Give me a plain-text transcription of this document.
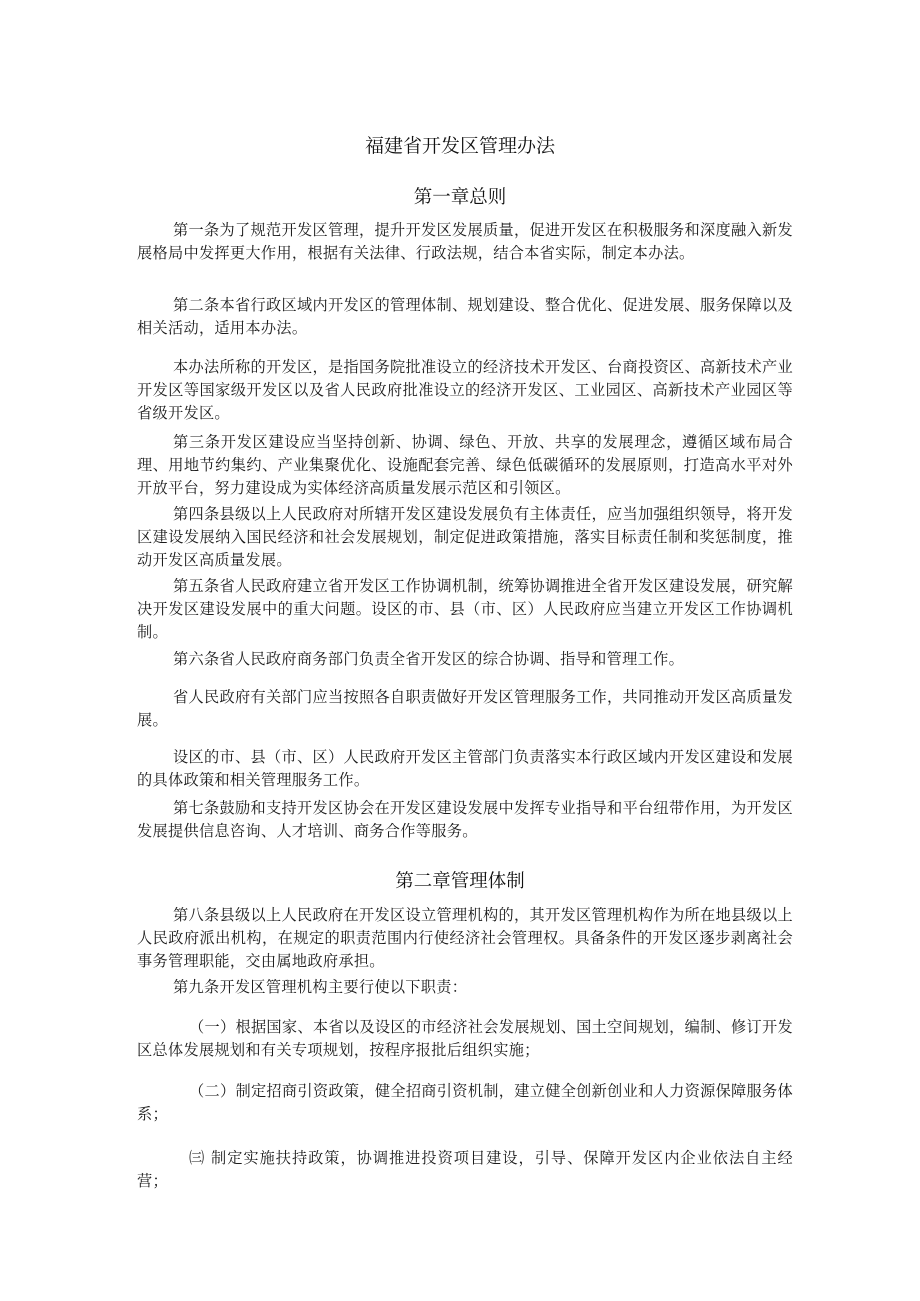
福建省开发区管理办法
第一章总则

第一条为了规范开发区管理，提升开发区发展质量，促进开发区在积极服务和深度融入新发展格局中发挥更大作用，根据有关法律、行政法规，结合本省实际，制定本办法。

第二条本省行政区域内开发区的管理体制、规划建设、整合优化、促进发展、服务保障以及相关活动，适用本办法。

本办法所称的开发区，是指国务院批准设立的经济技术开发区、台商投资区、高新技术产业开发区等国家级开发区以及省人民政府批准设立的经济开发区、工业园区、高新技术产业园区等省级开发区。

第三条开发区建设应当坚持创新、协调、绿色、开放、共享的发展理念，遵循区域布局合理、用地节约集约、产业集聚优化、设施配套完善、绿色低碳循环的发展原则，打造高水平对外开放平台，努力建设成为实体经济高质量发展示范区和引领区。

第四条县级以上人民政府对所辖开发区建设发展负有主体责任，应当加强组织领导，将开发区建设发展纳入国民经济和社会发展规划，制定促进政策措施，落实目标责任制和奖惩制度，推动开发区高质量发展。

第五条省人民政府建立省开发区工作协调机制，统筹协调推进全省开发区建设发展，研究解决开发区建设发展中的重大问题。设区的市、县（市、区）人民政府应当建立开发区工作协调机制。

第六条省人民政府商务部门负责全省开发区的综合协调、指导和管理工作。

省人民政府有关部门应当按照各自职责做好开发区管理服务工作，共同推动开发区高质量发展。

设区的市、县（市、区）人民政府开发区主管部门负责落实本行政区域内开发区建设和发展的具体政策和相关管理服务工作。

第七条鼓励和支持开发区协会在开发区建设发展中发挥专业指导和平台纽带作用，为开发区发展提供信息咨询、人才培训、商务合作等服务。

第二章管理体制

第八条县级以上人民政府在开发区设立管理机构的，其开发区管理机构作为所在地县级以上人民政府派出机构，在规定的职责范围内行使经济社会管理权。具备条件的开发区逐步剥离社会事务管理职能，交由属地政府承担。

第九条开发区管理机构主要行使以下职责：

（一）根据国家、本省以及设区的市经济社会发展规划、国土空间规划，编制、修订开发区总体发展规划和有关专项规划，按程序报批后组织实施；

（二）制定招商引资政策，健全招商引资机制，建立健全创新创业和人力资源保障服务体系；

㈢ 制定实施扶持政策，协调推进投资项目建设，引导、保障开发区内企业依法自主经营；
